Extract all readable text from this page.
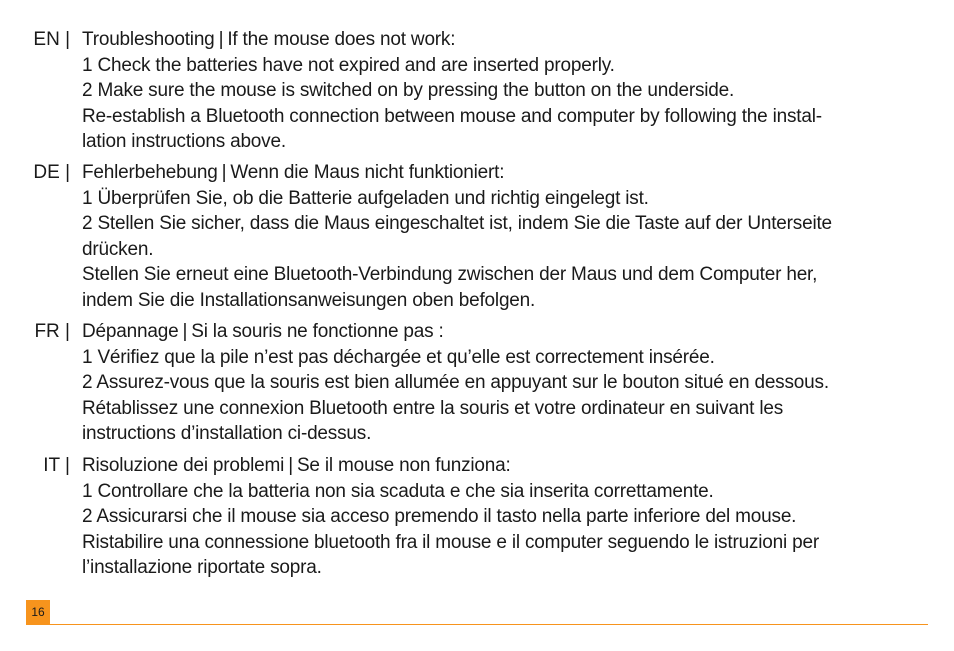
EN | Troubleshooting | If the mouse does not work:
1 Check the batteries have not expired and are inserted properly.
2 Make sure the mouse is switched on by pressing the button on the underside.
Re-establish a Bluetooth connection between mouse and computer by following the instal-
lation instructions above.
DE | Fehlerbehebung | Wenn die Maus nicht funktioniert:
1 Überprüfen Sie, ob die Batterie aufgeladen und richtig eingelegt ist.
2 Stellen Sie sicher, dass die Maus eingeschaltet ist, indem Sie die Taste auf der Unterseite
drücken.
Stellen Sie erneut eine Bluetooth-Verbindung zwischen der Maus und dem Computer her,
indem Sie die Installationsanweisungen oben befolgen.
FR | Dépannage | Si la souris ne fonctionne pas :
1 Vérifiez que la pile n’est pas déchargée et qu’elle est correctement insérée.
2 Assurez-vous que la souris est bien allumée en appuyant sur le bouton situé en dessous.
Rétablissez une connexion Bluetooth entre la souris et votre ordinateur en suivant les
instructions d’installation ci-dessus.
IT | Risoluzione dei problemi | Se il mouse non funziona:
1 Controllare che la batteria non sia scaduta e che sia inserita correttamente.
2 Assicurarsi che il mouse sia acceso premendo il tasto nella parte inferiore del mouse.
Ristabilire una connessione bluetooth fra il mouse e il computer seguendo le istruzioni per
l’installazione riportate sopra.
16
